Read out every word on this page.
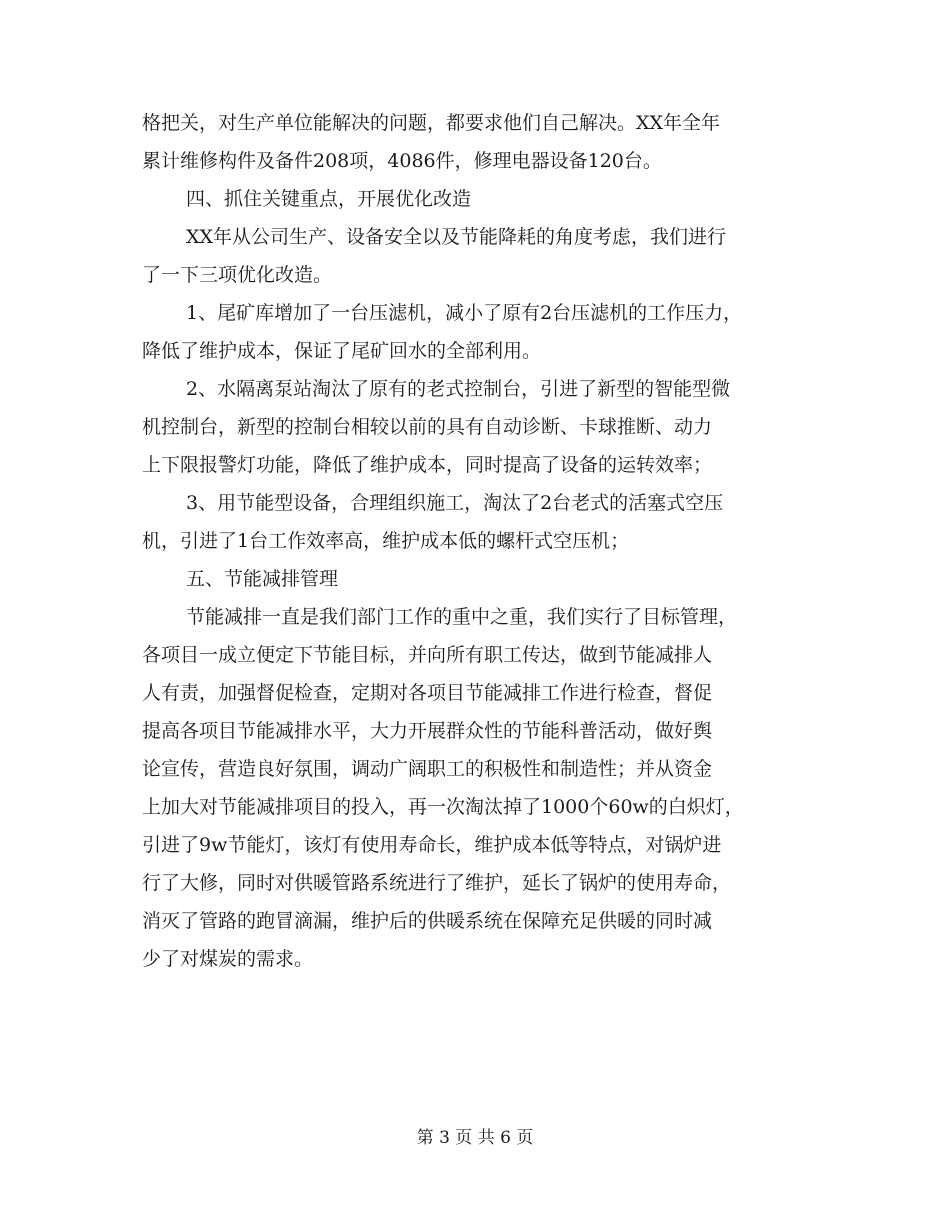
格把关，对生产单位能解决的问题，都要求他们自己解决。XX年全年
累计维修构件及备件208项，4086件，修理电器设备120台。
四、抓住关键重点，开展优化改造
XX年从公司生产、设备安全以及节能降耗的角度考虑，我们进行
了一下三项优化改造。
1、尾矿库增加了一台压滤机，减小了原有2台压滤机的工作压力，
降低了维护成本，保证了尾矿回水的全部利用。
2、水隔离泵站淘汰了原有的老式控制台，引进了新型的智能型微
机控制台，新型的控制台相较以前的具有自动诊断、卡球推断、动力
上下限报警灯功能，降低了维护成本，同时提高了设备的运转效率；
3、用节能型设备，合理组织施工，淘汰了2台老式的活塞式空压
机，引进了1台工作效率高，维护成本低的螺杆式空压机；
五、节能减排管理
节能减排一直是我们部门工作的重中之重，我们实行了目标管理，
各项目一成立便定下节能目标，并向所有职工传达，做到节能减排人
人有责，加强督促检查，定期对各项目节能减排工作进行检查，督促
提高各项目节能减排水平，大力开展群众性的节能科普活动，做好舆
论宣传，营造良好氛围，调动广阔职工的积极性和制造性；并从资金
上加大对节能减排项目的投入，再一次淘汰掉了1000个60w的白炽灯，
引进了9w节能灯，该灯有使用寿命长，维护成本低等特点，对锅炉进
行了大修，同时对供暖管路系统进行了维护，延长了锅炉的使用寿命，
消灭了管路的跑冒滴漏，维护后的供暖系统在保障充足供暖的同时减
少了对煤炭的需求。
第 3 页 共 6 页
